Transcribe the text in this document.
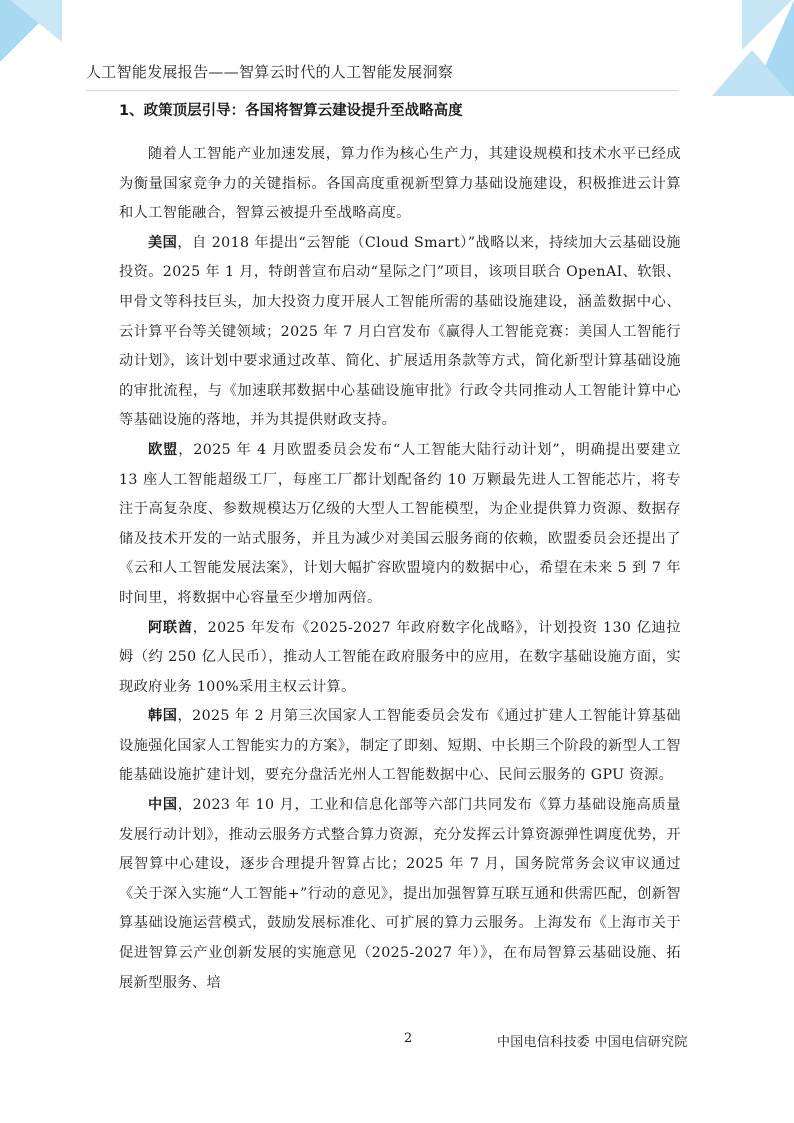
人工智能发展报告——智算云时代的人工智能发展洞察

1、政策顶层引导：各国将智算云建设提升至战略高度

随着人工智能产业加速发展，算力作为核心生产力，其建设规模和技术水平已经成为衡量国家竞争力的关键指标。各国高度重视新型算力基础设施建设，积极推进云计算和人工智能融合，智算云被提升至战略高度。

美国，自 2018 年提出“云智能（Cloud Smart）”战略以来，持续加大云基础设施投资。2025 年 1 月，特朗普宣布启动“星际之门”项目，该项目联合 OpenAI、软银、甲骨文等科技巨头，加大投资力度开展人工智能所需的基础设施建设，涵盖数据中心、云计算平台等关键领域；2025 年 7 月白宫发布《赢得人工智能竞赛：美国人工智能行动计划》，该计划中要求通过改革、简化、扩展适用条款等方式，简化新型计算基础设施的审批流程，与《加速联邦数据中心基础设施审批》行政令共同推动人工智能计算中心等基础设施的落地，并为其提供财政支持。

欧盟，2025 年 4 月欧盟委员会发布“人工智能大陆行动计划”，明确提出要建立 13 座人工智能超级工厂，每座工厂都计划配备约 10 万颗最先进人工智能芯片，将专注于高复杂度、参数规模达万亿级的大型人工智能模型，为企业提供算力资源、数据存储及技术开发的一站式服务，并且为减少对美国云服务商的依赖，欧盟委员会还提出了《云和人工智能发展法案》，计划大幅扩容欧盟境内的数据中心，希望在未来 5 到 7 年时间里，将数据中心容量至少增加两倍。

阿联酋，2025 年发布《2025-2027 年政府数字化战略》，计划投资 130 亿迪拉姆（约 250 亿人民币），推动人工智能在政府服务中的应用，在数字基础设施方面，实现政府业务 100%采用主权云计算。

韩国，2025 年 2 月第三次国家人工智能委员会发布《通过扩建人工智能计算基础设施强化国家人工智能实力的方案》，制定了即刻、短期、中长期三个阶段的新型人工智能基础设施扩建计划，要充分盘活光州人工智能数据中心、民间云服务的 GPU 资源。

中国，2023 年 10 月，工业和信息化部等六部门共同发布《算力基础设施高质量发展行动计划》，推动云服务方式整合算力资源，充分发挥云计算资源弹性调度优势，开展智算中心建设，逐步合理提升智算占比；2025 年 7 月，国务院常务会议审议通过《关于深入实施“人工智能+”行动的意见》，提出加强智算互联互通和供需匹配，创新智算基础设施运营模式，鼓励发展标准化、可扩展的算力云服务。上海发布《上海市关于促进智算云产业创新发展的实施意见（2025-2027 年）》，在布局智算云基础设施、拓展新型服务、培

2	中国电信科技委 中国电信研究院
